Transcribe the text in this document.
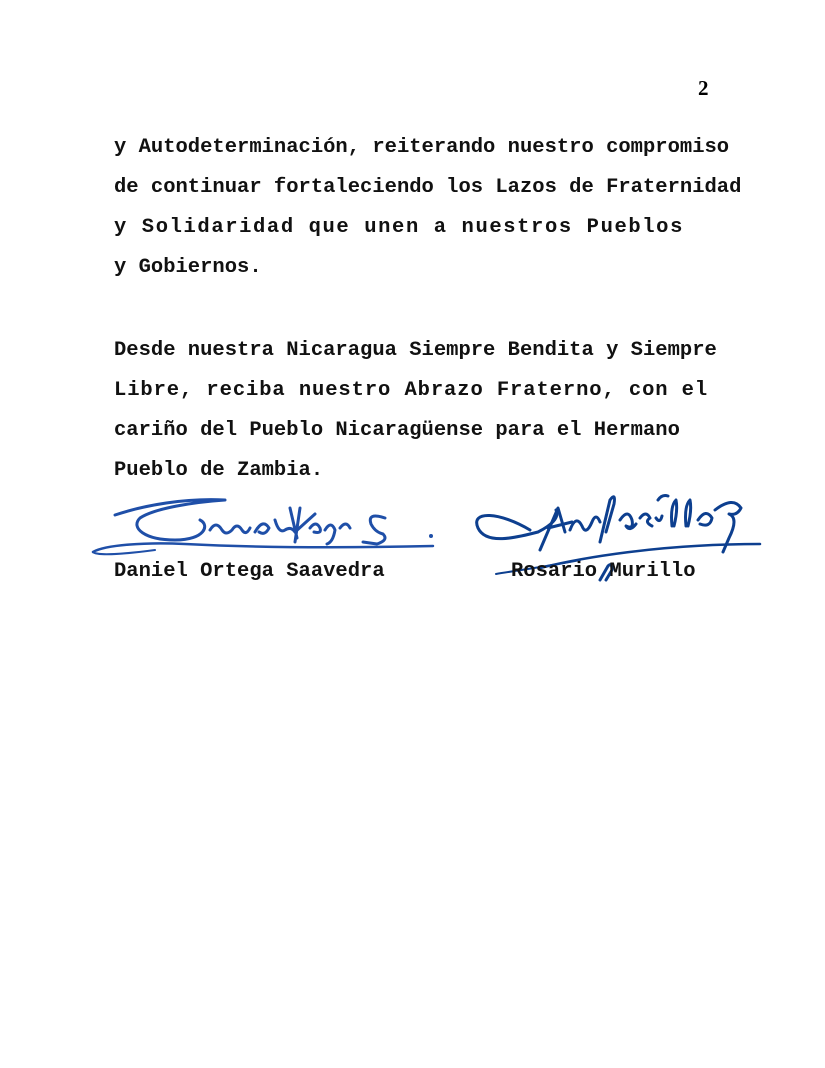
2
y Autodeterminación, reiterando nuestro compromiso
de continuar fortaleciendo los Lazos de Fraternidad
y Solidaridad que unen a nuestros Pueblos
y Gobiernos.
Desde nuestra Nicaragua Siempre Bendita y Siempre
Libre, reciba nuestro Abrazo Fraterno, con el
cariño del Pueblo Nicaragüense para el Hermano
Pueblo de Zambia.
Daniel Ortega Saavedra	Rosario Murillo
